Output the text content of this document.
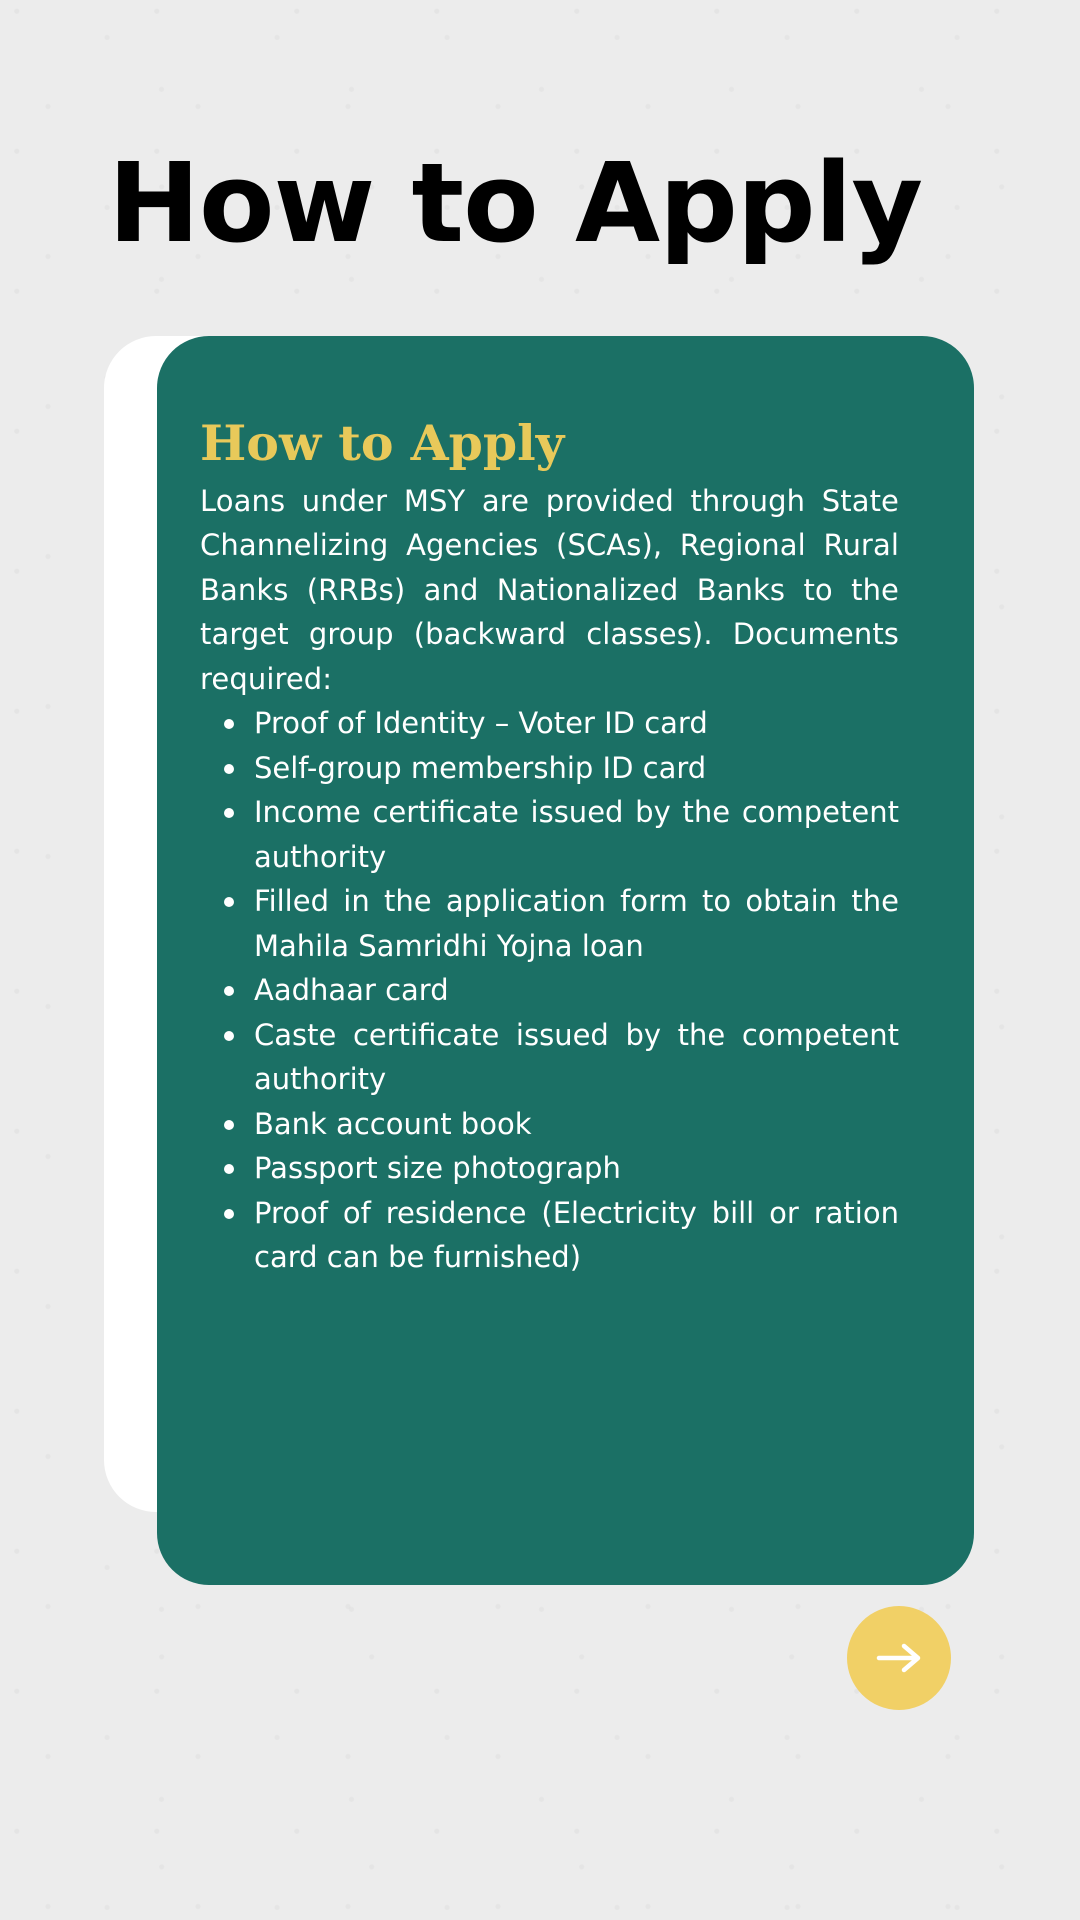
How to Apply
How to Apply

Loans under MSY are provided through State Channelizing Agencies (SCAs), Regional Rural Banks (RRBs) and Nationalized Banks to the target group (backward classes). Documents required:

Proof of Identity – Voter ID card
Self-group membership ID card
Income certificate issued by the competent authority
Filled in the application form to obtain the Mahila Samridhi Yojna loan
Aadhaar card
Caste certificate issued by the competent authority
Bank account book
Passport size photograph
Proof of residence (Electricity bill or ration card can be furnished)
